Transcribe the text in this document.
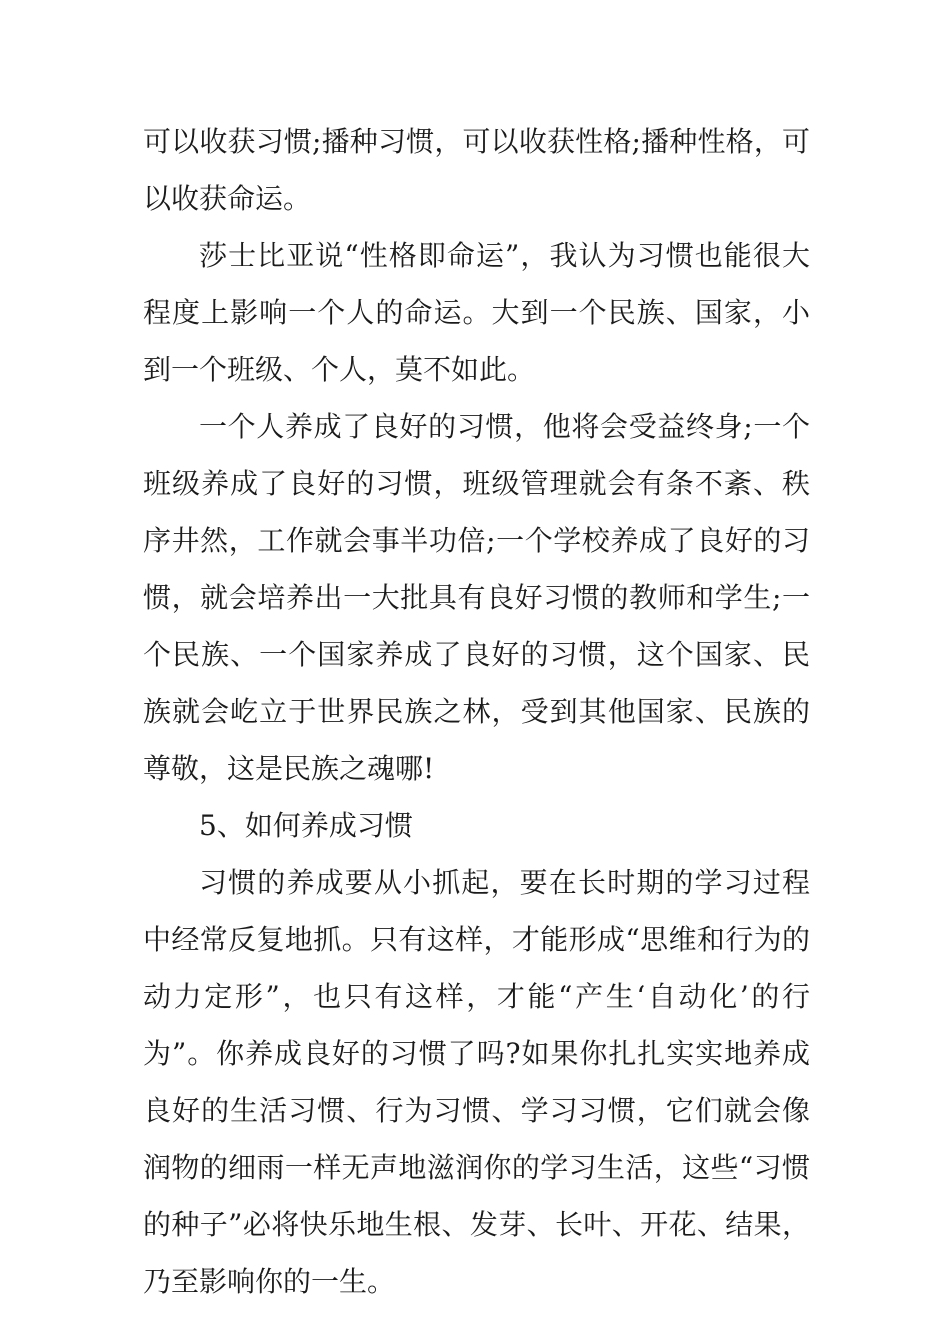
可以收获习惯;播种习惯，可以收获性格;播种性格，可以收获命运。

莎士比亚说“性格即命运”，我认为习惯也能很大程度上影响一个人的命运。大到一个民族、国家，小到一个班级、个人，莫不如此。

一个人养成了良好的习惯，他将会受益终身;一个班级养成了良好的习惯，班级管理就会有条不紊、秩序井然，工作就会事半功倍;一个学校养成了良好的习惯，就会培养出一大批具有良好习惯的教师和学生;一个民族、一个国家养成了良好的习惯，这个国家、民族就会屹立于世界民族之林，受到其他国家、民族的尊敬，这是民族之魂哪!

5、如何养成习惯

习惯的养成要从小抓起，要在长时期的学习过程中经常反复地抓。只有这样，才能形成“思维和行为的动力定形”，也只有这样，才能“产生‘自动化’的行为”。你养成良好的习惯了吗?如果你扎扎实实地养成良好的生活习惯、行为习惯、学习习惯，它们就会像润物的细雨一样无声地滋润你的学习生活，这些“习惯的种子”必将快乐地生根、发芽、长叶、开花、结果，乃至影响你的一生。
